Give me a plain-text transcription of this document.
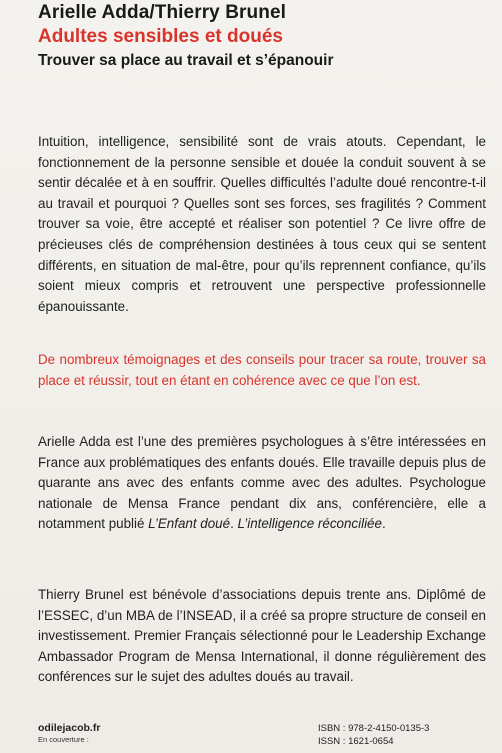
Arielle Adda/Thierry Brunel
Adultes sensibles et doués
Trouver sa place au travail et s’épanouir

Intuition, intelligence, sensibilité sont de vrais atouts. Cependant, le fonctionnement de la personne sensible et douée la conduit souvent à se sentir décalée et à en souffrir. Quelles difficultés l’adulte doué rencontre-t-il au travail et pourquoi ? Quelles sont ses forces, ses fragilités ? Comment trouver sa voie, être accepté et réaliser son potentiel ? Ce livre offre de précieuses clés de compréhension destinées à tous ceux qui se sentent différents, en situation de mal-être, pour qu’ils reprennent confiance, qu’ils soient mieux compris et retrouvent une perspective professionnelle épanouissante.

De nombreux témoignages et des conseils pour tracer sa route, trouver sa place et réussir, tout en étant en cohérence avec ce que l’on est.

Arielle Adda est l’une des premières psychologues à s’être intéressées en France aux problématiques des enfants doués. Elle travaille depuis plus de quarante ans avec des enfants comme avec des adultes. Psychologue nationale de Mensa France pendant dix ans, conférencière, elle a notamment publié L’Enfant doué. L’intelligence réconciliée.

Thierry Brunel est bénévole d’associations depuis trente ans. Diplômé de l’ESSEC, d’un MBA de l’INSEAD, il a créé sa propre structure de conseil en investissement. Premier Français sélectionné pour le Leadership Exchange Ambassador Program de Mensa International, il donne régulièrement des conférences sur le sujet des adultes doués au travail.

odilejacob.fr
En couverture :
ISBN : 978-2-4150-0135-3
ISSN : 1621-0654
